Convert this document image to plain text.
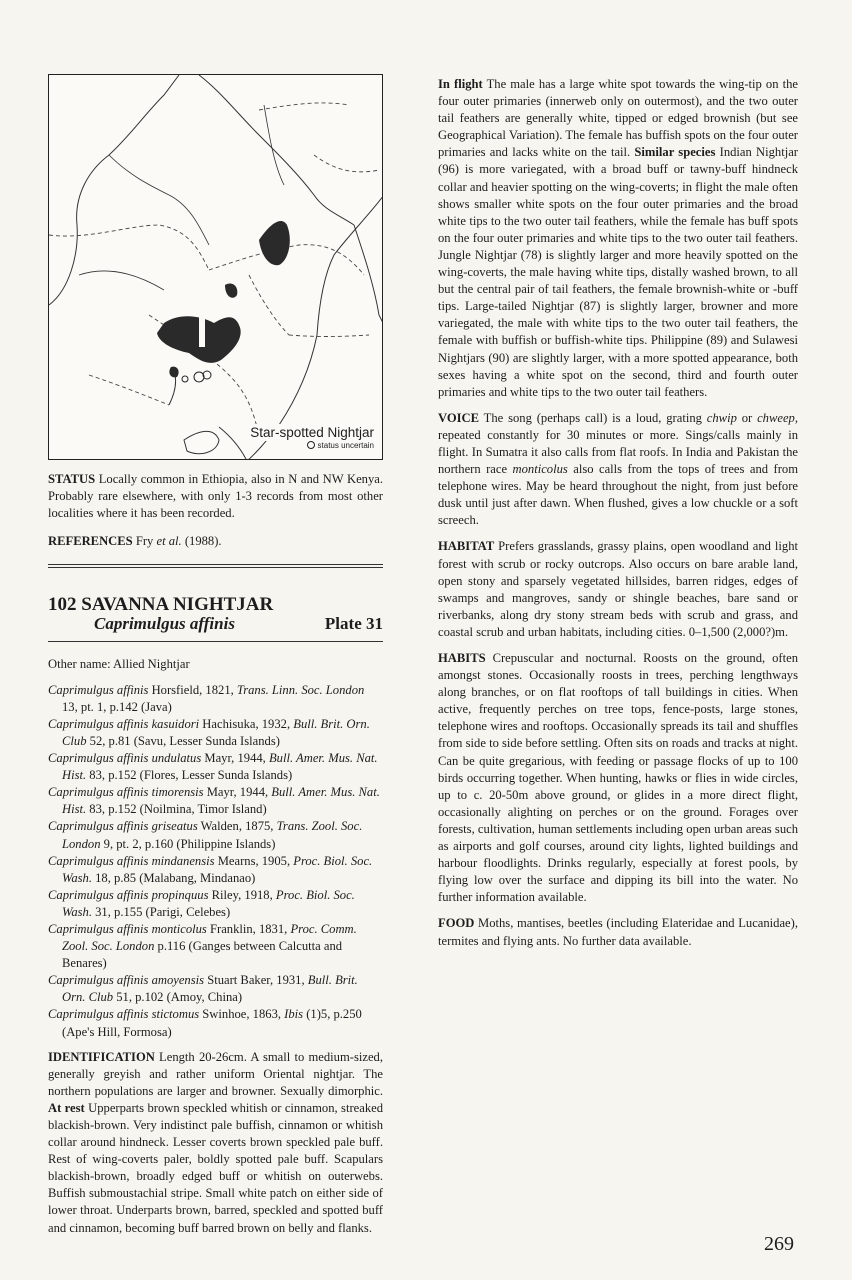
Star-spotted Nightjar
status uncertain

STATUS Locally common in Ethiopia, also in N and NW Kenya. Probably rare elsewhere, with only 1-3 records from most other localities where it has been recorded.

REFERENCES Fry et al. (1988).

102 SAVANNA NIGHTJAR
Caprimulgus affinis	Plate 31

Other name: Allied Nightjar

Caprimulgus affinis Horsfield, 1821, Trans. Linn. Soc. London 13, pt. 1, p.142 (Java)

Caprimulgus affinis kasuidori Hachisuka, 1932, Bull. Brit. Orn. Club 52, p.81 (Savu, Lesser Sunda Islands)

Caprimulgus affinis undulatus Mayr, 1944, Bull. Amer. Mus. Nat. Hist. 83, p.152 (Flores, Lesser Sunda Islands)

Caprimulgus affinis timorensis Mayr, 1944, Bull. Amer. Mus. Nat. Hist. 83, p.152 (Noilmina, Timor Island)

Caprimulgus affinis griseatus Walden, 1875, Trans. Zool. Soc. London 9, pt. 2, p.160 (Philippine Islands)

Caprimulgus affinis mindanensis Mearns, 1905, Proc. Biol. Soc. Wash. 18, p.85 (Malabang, Mindanao)

Caprimulgus affinis propinquus Riley, 1918, Proc. Biol. Soc. Wash. 31, p.155 (Parigi, Celebes)

Caprimulgus affinis monticolus Franklin, 1831, Proc. Comm. Zool. Soc. London p.116 (Ganges between Calcutta and Benares)

Caprimulgus affinis amoyensis Stuart Baker, 1931, Bull. Brit. Orn. Club 51, p.102 (Amoy, China)

Caprimulgus affinis stictomus Swinhoe, 1863, Ibis (1)5, p.250 (Ape's Hill, Formosa)

IDENTIFICATION Length 20-26cm. A small to medium-sized, generally greyish and rather uniform Oriental nightjar. The northern populations are larger and browner. Sexually dimorphic. At rest Upperparts brown speckled whitish or cinnamon, streaked blackish-brown. Very indistinct pale buffish, cinnamon or whitish collar around hindneck. Lesser coverts brown speckled pale buff. Rest of wing-coverts paler, boldly spotted pale buff. Scapulars blackish-brown, broadly edged buff or whitish on outerwebs. Buffish submoustachial stripe. Small white patch on either side of lower throat. Underparts brown, barred, speckled and spotted buff and cinnamon, becoming buff barred brown on belly and flanks.

In flight The male has a large white spot towards the wing-tip on the four outer primaries (innerweb only on outermost), and the two outer tail feathers are generally white, tipped or edged brownish (but see Geographical Variation). The female has buffish spots on the four outer primaries and lacks white on the tail. Similar species Indian Nightjar (96) is more variegated, with a broad buff or tawny-buff hindneck collar and heavier spotting on the wing-coverts; in flight the male often shows smaller white spots on the four outer primaries and the broad white tips to the two outer tail feathers, while the female has buff spots on the four outer primaries and white tips to the two outer tail feathers. Jungle Nightjar (78) is slightly larger and more heavily spotted on the wing-coverts, the male having white tips, distally washed brown, to all but the central pair of tail feathers, the female brownish-white or -buff tips. Large-tailed Nightjar (87) is slightly larger, browner and more variegated, the male with white tips to the two outer tail feathers, the female with buffish or buffish-white tips. Philippine (89) and Sulawesi Nightjars (90) are slightly larger, with a more spotted appearance, both sexes having a white spot on the second, third and fourth outer primaries and white tips to the two outer tail feathers.

VOICE The song (perhaps call) is a loud, grating chwip or chweep, repeated constantly for 30 minutes or more. Sings/calls mainly in flight. In Sumatra it also calls from flat roofs. In India and Pakistan the northern race monticolus also calls from the tops of trees and from telephone wires. May be heard throughout the night, from just before dusk until just after dawn. When flushed, gives a low chuckle or a soft screech.

HABITAT Prefers grasslands, grassy plains, open woodland and light forest with scrub or rocky outcrops. Also occurs on bare arable land, open stony and sparsely vegetated hillsides, barren ridges, edges of swamps and mangroves, sandy or shingle beaches, bare sand or riverbanks, along dry stony stream beds with scrub and grass, and coastal scrub and urban habitats, including cities. 0–1,500 (2,000?)m.

HABITS Crepuscular and nocturnal. Roosts on the ground, often amongst stones. Occasionally roosts in trees, perching lengthways along branches, or on flat rooftops of tall buildings in cities. When active, frequently perches on tree tops, fence-posts, large stones, telephone wires and rooftops. Occasionally spreads its tail and shuffles from side to side before settling. Often sits on roads and tracks at night. Can be quite gregarious, with feeding or passage flocks of up to 100 birds occurring together. When hunting, hawks or flies in wide circles, up to c. 20-50m above ground, or glides in a more direct flight, occasionally alighting on perches or on the ground. Forages over forests, cultivation, human settlements including open urban areas such as airports and golf courses, around city lights, lighted buildings and harbour floodlights. Drinks regularly, especially at forest pools, by flying low over the surface and dipping its bill into the water. No further information available.

FOOD Moths, mantises, beetles (including Elateridae and Lucanidae), termites and flying ants. No further data available.

269
